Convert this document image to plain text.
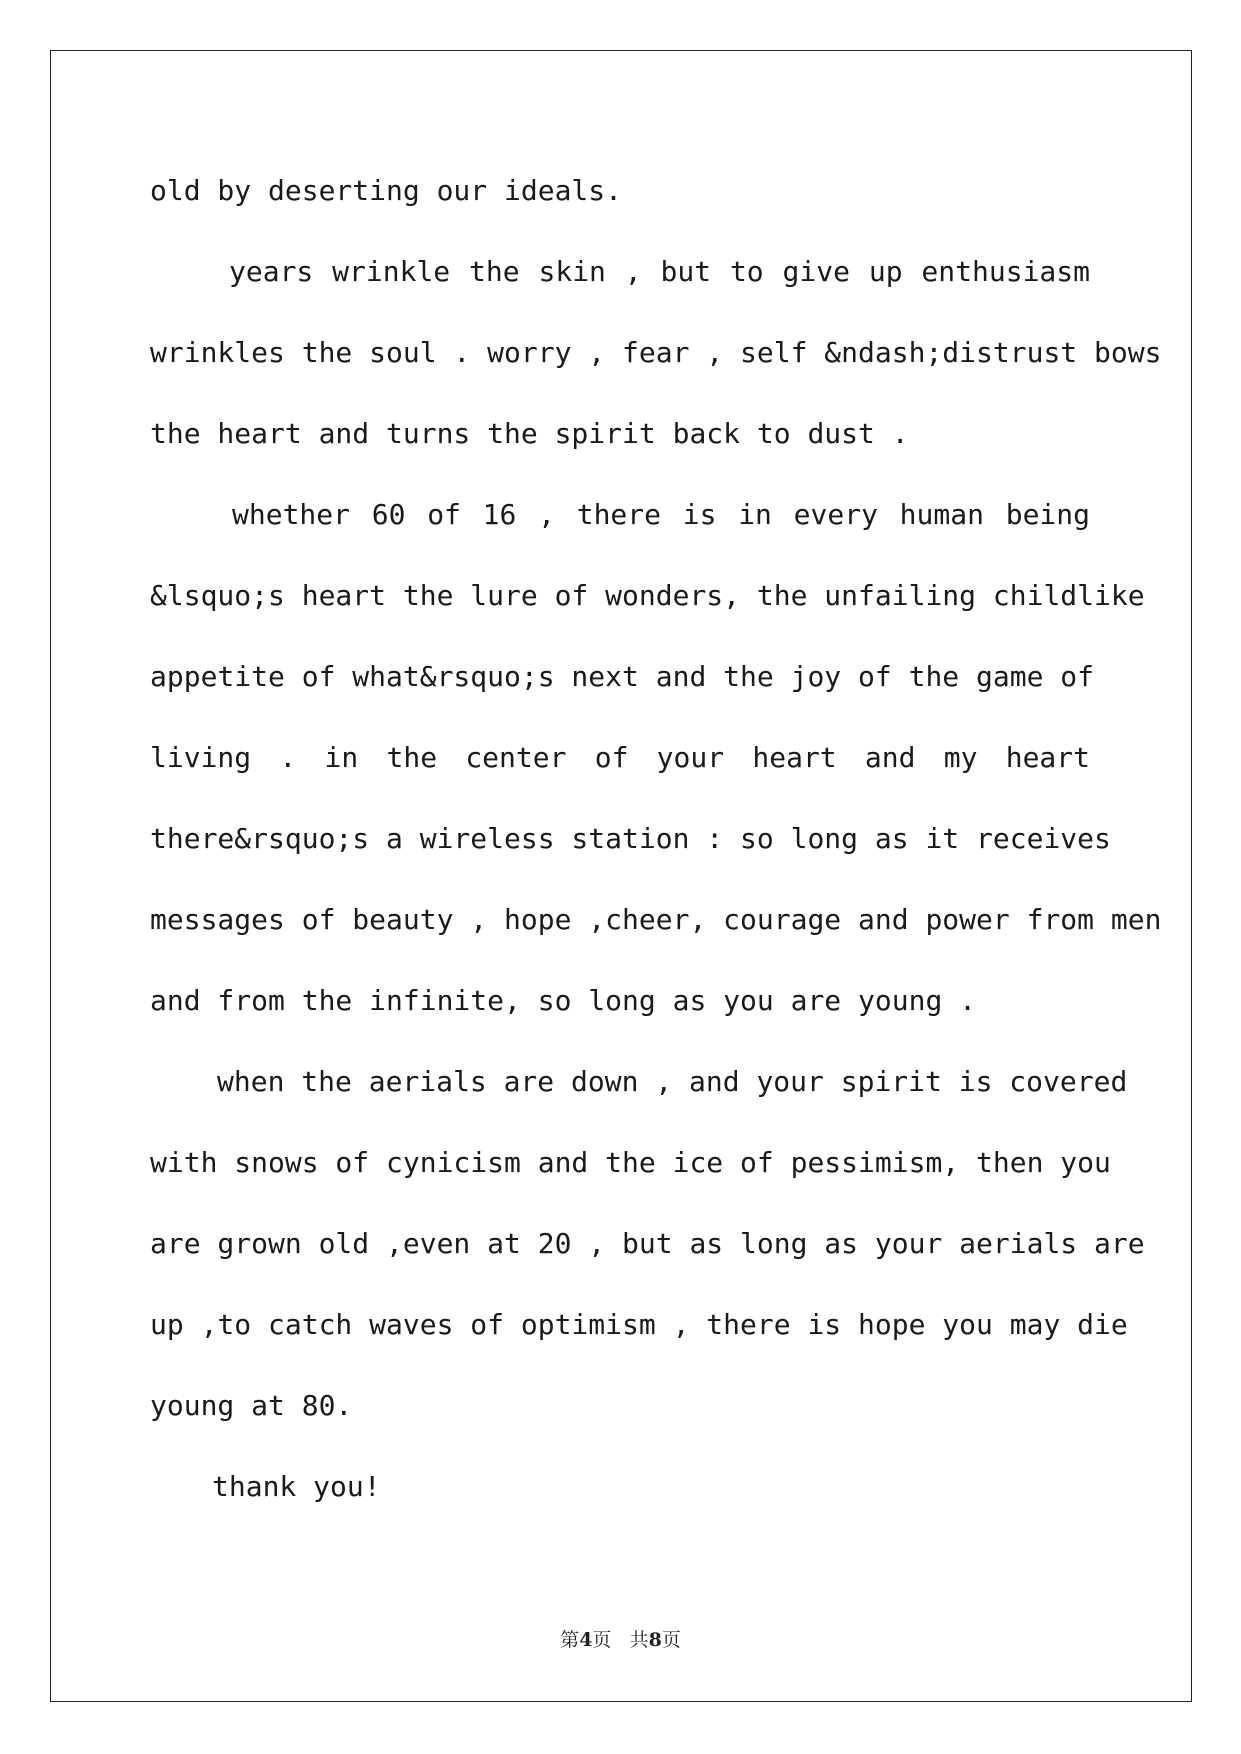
old by deserting our ideals.
years wrinkle the skin , but to give up enthusiasm
wrinkles the soul . worry , fear , self &ndash;distrust bows
the heart and turns the spirit back to dust .
whether 60 of 16 , there is in every human being
&lsquo;s heart the lure of wonders, the unfailing childlike
appetite of what&rsquo;s next and the joy of the game of
living . in the center of your heart and my heart
there&rsquo;s a wireless station : so long as it receives
messages of beauty , hope ,cheer, courage and power from men
and from the infinite, so long as you are young .
when the aerials are down , and your spirit is covered
with snows of cynicism and the ice of pessimism, then you
are grown old ,even at 20 , but as long as your aerials are
up ,to catch waves of optimism , there is hope you may die
young at 80.
thank you!
第4页 共8页
